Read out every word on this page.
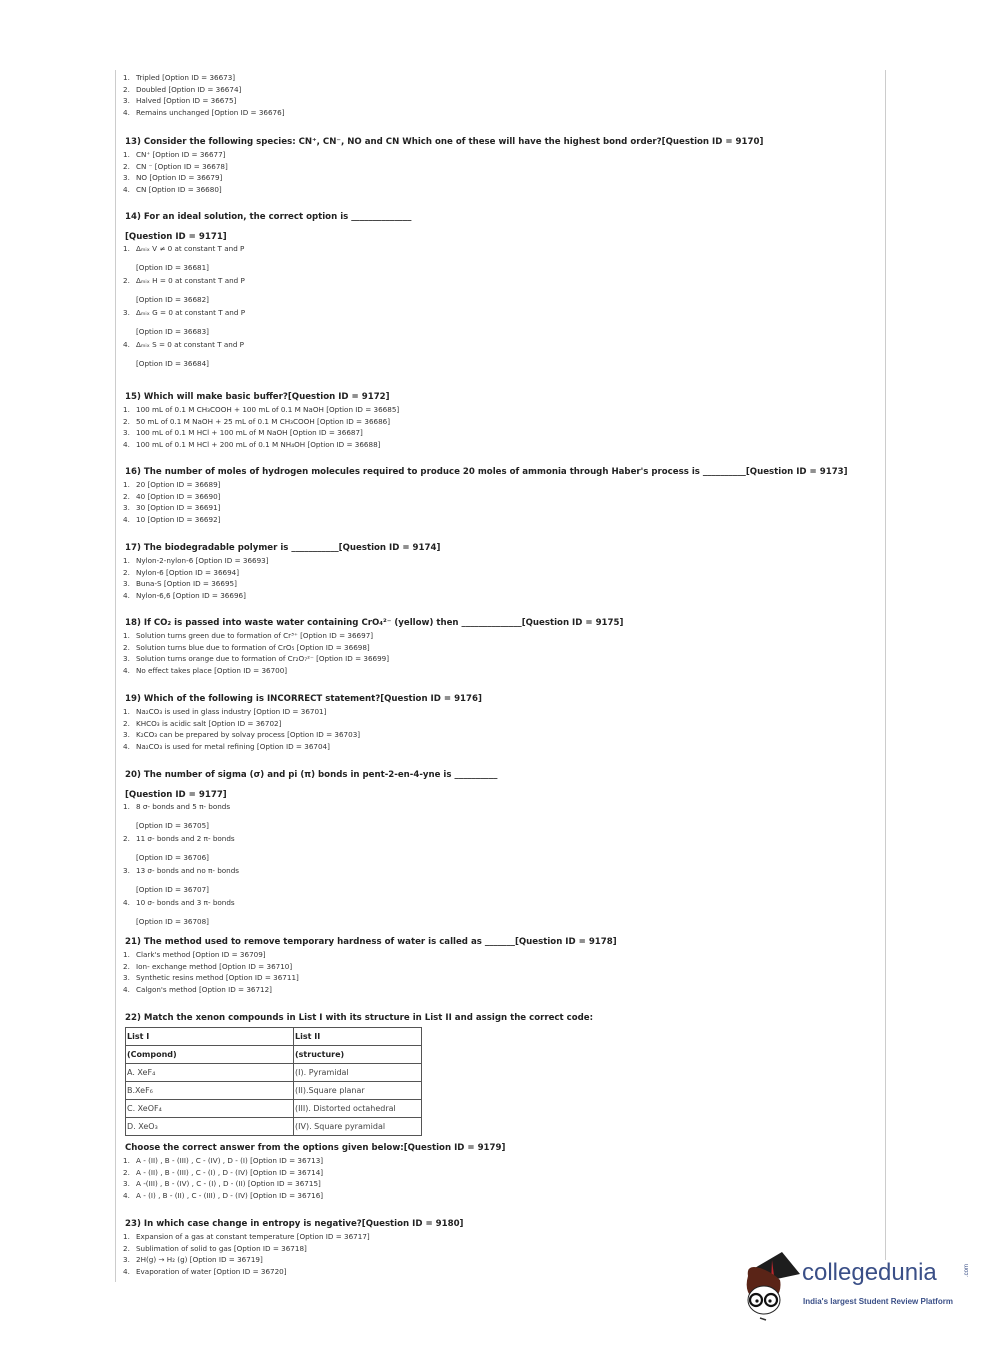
1. Tripled [Option ID = 36673]
2. Doubled [Option ID = 36674]
3. Halved [Option ID = 36675]
4. Remains unchanged [Option ID = 36676]
13) Consider the following species: CN⁺, CN⁻, NO and CN Which one of these will have the highest bond order?[Question ID = 9170]
1. CN⁺ [Option ID = 36677]
2. CN ⁻ [Option ID = 36678]
3. NO [Option ID = 36679]
4. CN [Option ID = 36680]
14) For an ideal solution, the correct option is ______________
[Question ID = 9171]
1. Δₘᵢₓ V ≠ 0 at constant T and P
[Option ID = 36681]
2. Δₘᵢₓ H = 0 at constant T and P
[Option ID = 36682]
3. Δₘᵢₓ G = 0 at constant T and P
[Option ID = 36683]
4. Δₘᵢₓ S = 0 at constant T and P
[Option ID = 36684]
15) Which will make basic buffer?[Question ID = 9172]
1. 100 mL of 0.1 M CH₃COOH + 100 mL of 0.1 M NaOH [Option ID = 36685]
2. 50 mL of 0.1 M NaOH + 25 mL of 0.1 M CH₃COOH [Option ID = 36686]
3. 100 mL of 0.1 M HCl + 100 mL of M NaOH [Option ID = 36687]
4. 100 mL of 0.1 M HCl + 200 mL of 0.1 M NH₄OH [Option ID = 36688]
16) The number of moles of hydrogen molecules required to produce 20 moles of ammonia through Haber's process is __________[Question ID = 9173]
1. 20 [Option ID = 36689]
2. 40 [Option ID = 36690]
3. 30 [Option ID = 36691]
4. 10 [Option ID = 36692]
17) The biodegradable polymer is ___________[Question ID = 9174]
1. Nylon-2-nylon-6 [Option ID = 36693]
2. Nylon-6 [Option ID = 36694]
3. Buna-S [Option ID = 36695]
4. Nylon-6,6 [Option ID = 36696]
18) If CO₂ is passed into waste water containing CrO₄²⁻ (yellow) then ______________[Question ID = 9175]
1. Solution turns green due to formation of Cr³⁺ [Option ID = 36697]
2. Solution turns blue due to formation of CrO₅ [Option ID = 36698]
3. Solution turns orange due to formation of Cr₂O₇²⁻ [Option ID = 36699]
4. No effect takes place [Option ID = 36700]
19) Which of the following is INCORRECT statement?[Question ID = 9176]
1. Na₂CO₃ is used in glass industry [Option ID = 36701]
2. KHCO₃ is acidic salt [Option ID = 36702]
3. K₂CO₃ can be prepared by solvay process [Option ID = 36703]
4. Na₂CO₃ is used for metal refining [Option ID = 36704]
20) The number of sigma (σ) and pi (π) bonds in pent-2-en-4-yne is __________
[Question ID = 9177]
1. 8 σ- bonds and 5 π- bonds
[Option ID = 36705]
2. 11 σ- bonds and 2 π- bonds
[Option ID = 36706]
3. 13 σ- bonds and no π- bonds
[Option ID = 36707]
4. 10 σ- bonds and 3 π- bonds
[Option ID = 36708]
21) The method used to remove temporary hardness of water is called as _______[Question ID = 9178]
1. Clark's method [Option ID = 36709]
2. Ion- exchange method [Option ID = 36710]
3. Synthetic resins method [Option ID = 36711]
4. Calgon's method [Option ID = 36712]
22) Match the xenon compounds in List I with its structure in List II and assign the correct code:
List I	List II
(Compond)	(structure)
A. XeF₄	(I). Pyramidal
B.XeF₆	(II).Square planar
C. XeOF₄	(III). Distorted octahedral
D. XeO₃	(IV). Square pyramidal
Choose the correct answer from the options given below:[Question ID = 9179]
1. A - (II) , B - (III) , C - (IV) , D - (I) [Option ID = 36713]
2. A - (II) , B - (III) , C - (I) , D - (IV) [Option ID = 36714]
3. A -(III) , B - (IV) , C - (I) , D - (II) [Option ID = 36715]
4. A - (I) , B - (II) , C - (III) , D - (IV) [Option ID = 36716]
23) In which case change in entropy is negative?[Question ID = 9180]
1. Expansion of a gas at constant temperature [Option ID = 36717]
2. Sublimation of solid to gas [Option ID = 36718]
3. 2H(g) → H₂ (g) [Option ID = 36719]
4. Evaporation of water [Option ID = 36720]	collegedunia	.com
India's largest Student Review Platform
